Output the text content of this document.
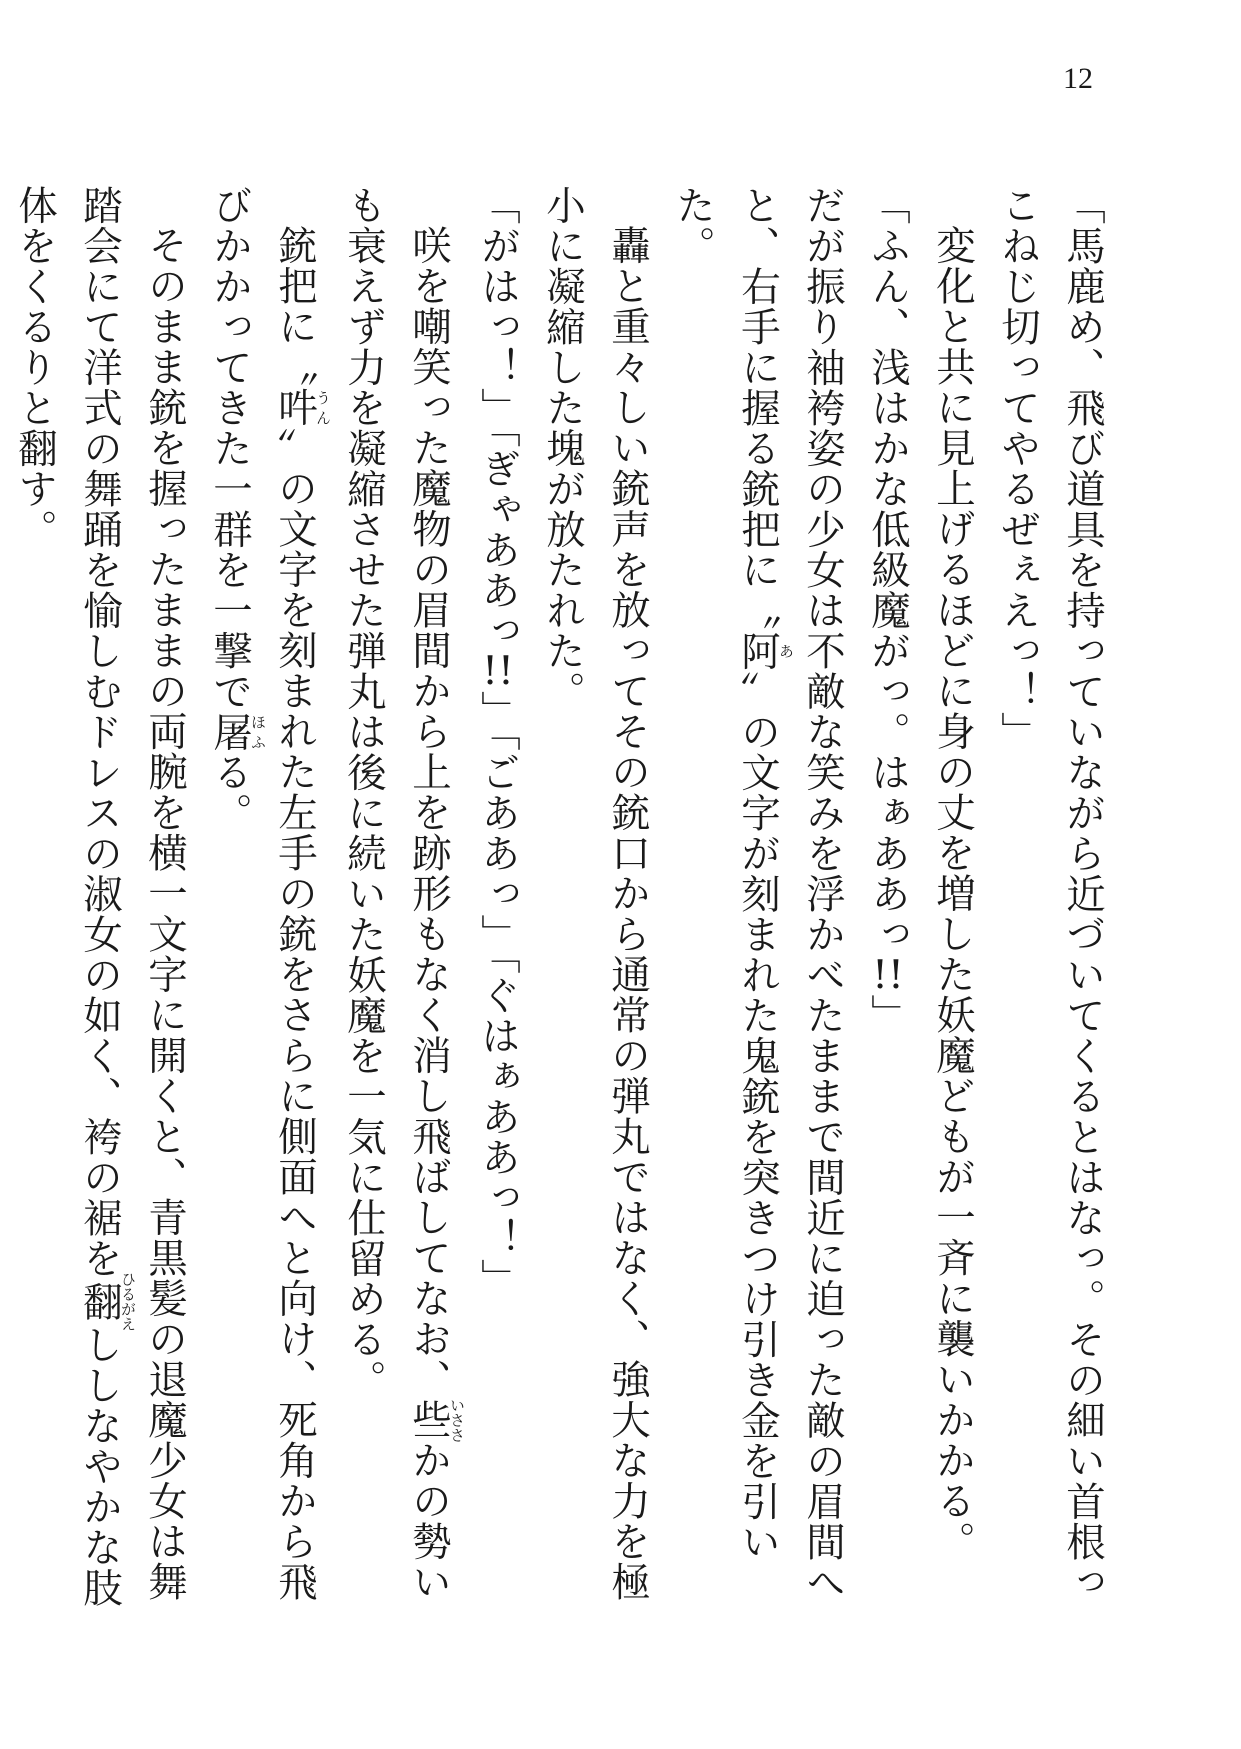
12

「馬鹿め、飛び道具を持っていながら近づいてくるとはなっ。その細い首根っこねじ切ってやるぜぇえっ！」

変化と共に見上げるほどに身の丈を増した妖魔どもが一斉に襲いかかる。

「ふん、浅はかな低級魔がっ。はぁああっ!!」

だが振り袖袴姿の少女は不敵な笑みを浮かべたままで間近に迫った敵の眉間へと、右手に握る銃把に〝阿あ〟の文字が刻まれた鬼銃を突きつけ引き金を引いた。

轟と重々しい銃声を放ってその銃口から通常の弾丸ではなく、強大な力を極小に凝縮した塊が放たれた。

「がはっ！」「ぎゃああっ!!」「ごああっ」「ぐはぁああっ！」

咲を嘲笑った魔物の眉間から上を跡形もなく消し飛ばしてなお、些いささかの勢いも衰えず力を凝縮させた弾丸は後に続いた妖魔を一気に仕留める。

銃把に〝吽うん〟の文字を刻まれた左手の銃をさらに側面へと向け、死角から飛びかかってきた一群を一撃で屠ほふる。

そのまま銃を握ったままの両腕を横一文字に開くと、青黒髪の退魔少女は舞踏会にて洋式の舞踊を愉しむドレスの淑女の如く、袴の裾を翻ひるがえししなやかな肢体をくるりと翻す。
